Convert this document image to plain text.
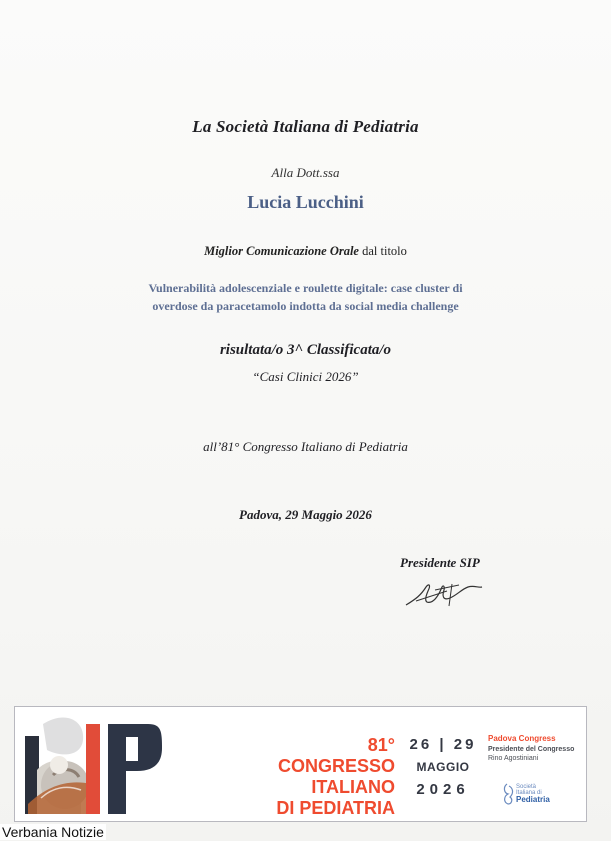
La Società Italiana di Pediatria
Alla Dott.ssa
Lucia Lucchini
Miglior Comunicazione Orale dal titolo
Vulnerabilità adolescenziale e roulette digitale: case cluster di
overdose da paracetamolo indotta da social media challenge
risultata/o 3^ Classificata/o
“Casi Clinici 2026”
all’81° Congresso Italiano di Pediatria
Padova, 29 Maggio 2026
Presidente SIP
81° CONGRESSO
ITALIANO
DI PEDIATRIA
26 | 29
MAGGIO
2026
Padova Congress
Presidente del Congresso
Rino Agostiniani
Società
Italiana di
Pediatria
Verbania Notizie
